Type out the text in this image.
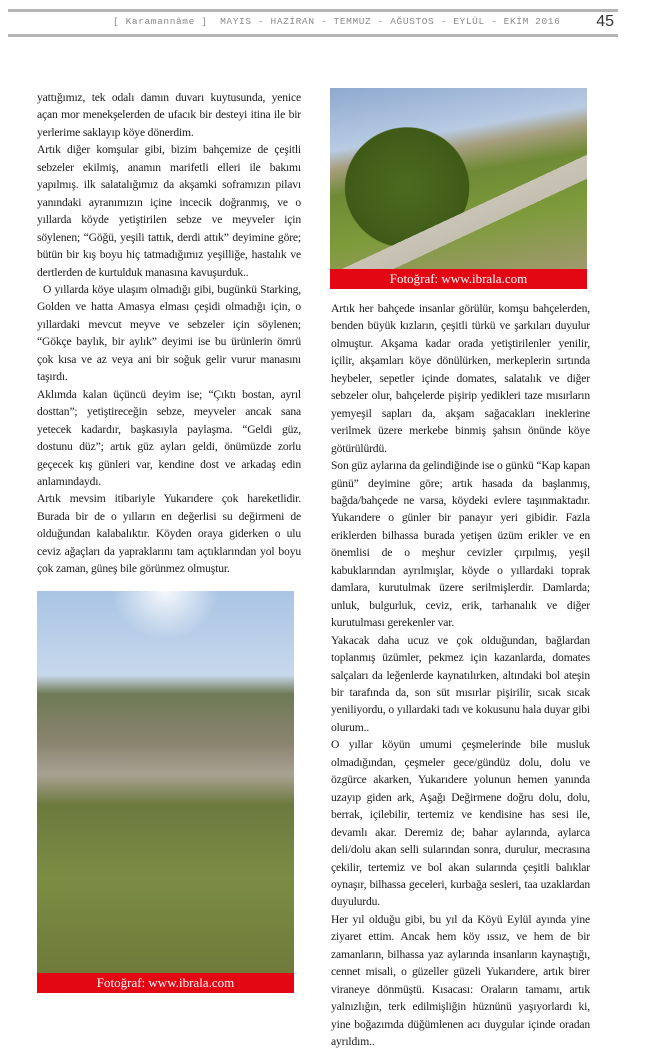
[ Karamannâme ] MAYIS - HAZİRAN - TEMMUZ - AĞUSTOS - EYLÜL - EKİM 2016 45

yattığımız, tek odalı damın duvarı kuytusunda, yenice açan mor menekşelerden de ufacık bir desteyi itina ile bir yerlerime saklayıp köye dönerdim.

Artık diğer komşular gibi, bizim bahçemize de çeşitli sebzeler ekilmiş, anamın marifetli elleri ile bakımı yapılmış. ilk salatalığımız da akşamki soframızın pilavı yanındaki ayranımızın içine incecik doğranmış, ve o yıllarda köyde yetiştirilen sebze ve meyveler için söylenen; “Göğü, yeşili tattık, derdi attık” deyimine göre; bütün bir kış boyu hiç tatmadığımız yeşilliğe, hastalık ve dertlerden de kurtulduk manasına kavuşurduk..

O yıllarda köye ulaşım olmadığı gibi, bugünkü Starking, Golden ve hatta Amasya elması çeşidi olmadığı için, o yıllardaki mevcut meyve ve sebzeler için söylenen; “Gökçe baylık, bir aylık” deyimi ise bu ürünlerin ömrü çok kısa ve az veya ani bir soğuk gelir vurur manasını taşırdı.

Aklımda kalan üçüncü deyim ise; “Çıktı bostan, ayrıl dosttan”; yetiştireceğin sebze, meyveler ancak sana yetecek kadardır, başkasıyla paylaşma. “Geldi güz, dostunu düz”; artık güz ayları geldi, önümüzde zorlu geçecek kış günleri var, kendine dost ve arkadaş edin anlamındaydı.

Artık mevsim itibariyle Yukarıdere çok hareketlidir. Burada bir de o yılların en değerlisi su değirmeni de olduğundan kalabalıktır. Köyden oraya giderken o ulu ceviz ağaçları da yapraklarını tam açtıklarından yol boyu çok zaman, güneş bile görünmez olmuştur.

Fotoğraf: www.ibrala.com

Artık her bahçede insanlar görülür, komşu bahçelerden, benden büyük kızların, çeşitli türkü ve şarkıları duyulur olmuştur. Akşama kadar orada yetiştirilenler yenilir, içilir, akşamları köye dönülürken, merkeplerin sırtında heybeler, sepetler içinde domates, salatalık ve diğer sebzeler olur, bahçelerde pişirip yedikleri taze mısırların yemyeşil sapları da, akşam sağacakları ineklerine verilmek üzere merkebe binmiş şahsın önünde köye götürülürdü.

Son güz aylarına da gelindiğinde ise o günkü “Kap kapan günü” deyimine göre; artık hasada da başlanmış, bağda/bahçede ne varsa, köydeki evlere taşınmaktadır. Yukarıdere o günler bir panayır yeri gibidir. Fazla eriklerden bilhassa burada yetişen üzüm erikler ve en önemlisi de o meşhur cevizler çırpılmış, yeşil kabuklarından ayrılmışlar, köyde o yıllardaki toprak damlara, kurutulmak üzere serilmişlerdir. Damlarda; unluk, bulgurluk, ceviz, erik, tarhanalık ve diğer kurutulması gerekenler var.

Yakacak daha ucuz ve çok olduğundan, bağlardan toplanmış üzümler, pekmez için kazanlarda, domates salçaları da leğenlerde kaynatılırken, altındaki bol ateşin bir tarafında da, son süt mısırlar pişirilir, sıcak sıcak yeniliyordu, o yıllardaki tadı ve kokusunu hala duyar gibi olurum..

O yıllar köyün umumi çeşmelerinde bile musluk olmadığından, çeşmeler gece/gündüz dolu, dolu ve özgürce akarken, Yukarıdere yolunun hemen yanında uzayıp giden ark, Aşağı Değirmene doğru dolu, dolu, berrak, içilebilir, tertemiz ve kendisine has sesi ile, devamlı akar. Deremiz de; bahar aylarında, aylarca deli/dolu akan selli sularından sonra, durulur, mecrasına çekilir, tertemiz ve bol akan sularında çeşitli balıklar oynaşır, bilhassa geceleri, kurbağa sesleri, taa uzaklardan duyulurdu.

Her yıl olduğu gibi, bu yıl da Köyü Eylül ayında yine ziyaret ettim. Ancak hem köy ıssız, ve hem de bir zamanların, bilhassa yaz aylarında insanların kaynaştığı, cennet misali, o güzeller güzeli Yukarıdere, artık birer viraneye dönmüştü. Kısacası: Oraların tamamı, artık yalnızlığın, terk edilmişliğin hüznünü yaşıyorlardı ki, yine boğazımda düğümlenen acı duygular içinde oradan ayrıldım..

Fotoğraf: www.ibrala.com
